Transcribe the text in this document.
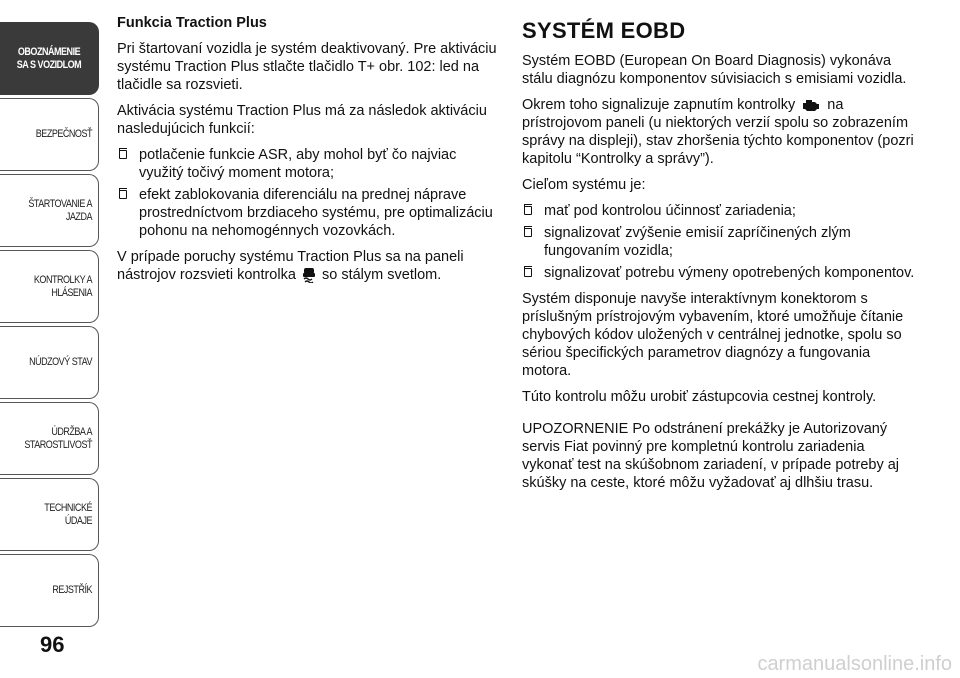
OBOZNÁMENIE
SA S VOZIDLOM
BEZPEČNOSŤ
ŠTARTOVANIE A
JAZDA
KONTROLKY A
HLÁSENIA
NÚDZOVÝ STAV
ÚDRŽBA A
STAROSTLIVOSŤ
TECHNICKÉ ÚDAJE
REJSTŘÍK
96
Funkcia Traction Plus

Pri štartovaní vozidla je systém deaktivovaný. Pre aktiváciu systému Traction Plus stlačte tlačidlo T+ obr. 102: led na tlačidle sa rozsvieti.

Aktivácia systému Traction Plus má za následok aktiváciu nasledujúcich funkcií:

potlačenie funkcie ASR, aby mohol byť čo najviac využitý točivý moment motora;
efekt zablokovania diferenciálu na prednej náprave prostredníctvom brzdiaceho systému, pre optimalizáciu pohonu na nehomogénnych vozovkách.

V prípade poruchy systému Traction Plus sa na paneli nástrojov rozsvieti kontrolka so stálym svetlom.

SYSTÉM EOBD

Systém EOBD (European On Board Diagnosis) vykonáva stálu diagnózu komponentov súvisiacich s emisiami vozidla.

Okrem toho signalizuje zapnutím kontrolky na prístrojovom paneli (u niektorých verzií spolu so zobrazením správy na displeji), stav zhoršenia týchto komponentov (pozri kapitolu “Kontrolky a správy”).

Cieľom systému je:

mať pod kontrolou účinnosť zariadenia;
signalizovať zvýšenie emisií zapríčinených zlým fungovaním vozidla;
signalizovať potrebu výmeny opotrebených komponentov.

Systém disponuje navyše interaktívnym konektorom s príslušným prístrojovým vybavením, ktoré umožňuje čítanie chybových kódov uložených v centrálnej jednotke, spolu so sériou špecifických parametrov diagnózy a fungovania motora.

Túto kontrolu môžu urobiť zástupcovia cestnej kontroly.

UPOZORNENIE Po odstránení prekážky je Autorizovaný servis Fiat povinný pre kompletnú kontrolu zariadenia vykonať test na skúšobnom zariadení, v prípade potreby aj skúšky na ceste, ktoré môžu vyžadovať aj dlhšiu trasu.

carmanualsonline.info
